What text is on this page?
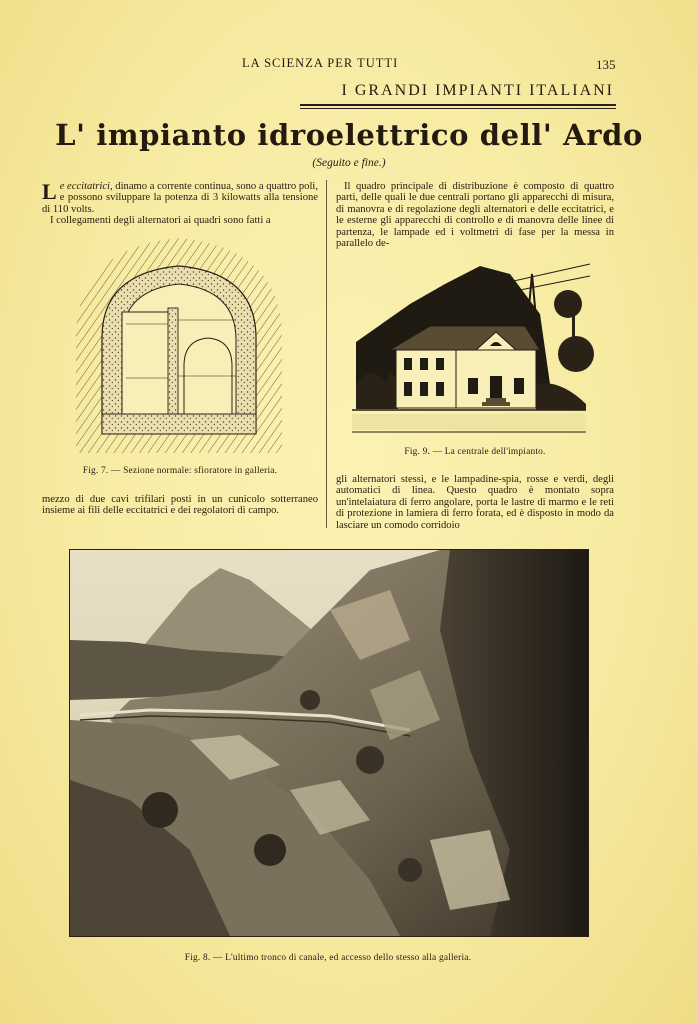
LA SCIENZA PER TUTTI	135
I GRANDI IMPIANTI ITALIANI
L' impianto idroelettrico dell' Ardo
(Seguito e fine.)

Le eccitatrici, dinamo a corrente continua, sono a quattro poli, e possono sviluppare la potenza di 3 kilowatts alla tensione di 110 volts.

I collegamenti degli alternatori ai quadri sono fatti a

Fig. 7. — Sezione normale: sfioratore in galleria.

mezzo di due cavi trifilari posti in un cunicolo sotterraneo insieme ai fili delle eccitatrici e dei regolatori di campo.

Il quadro principale di distribuzione è composto di quattro parti, delle quali le due centrali portano gli apparecchi di misura, di manovra e di regolazione degli alternatori e delle eccitatrici, e le esterne gli apparecchi di controllo e di manovra delle linee di partenza, le lampade ed i voltmetri di fase per la messa in parallelo de-

Fig. 9. — La centrale dell'impianto.

gli alternatori stessi, e le lampadine-spia, rosse e verdi, degli automatici di linea. Questo quadro è montato sopra un'intelaiatura di ferro angolare, porta le lastre di marmo e le reti di protezione in lamiera di ferro forata, ed è disposto in modo da lasciare un comodo corridoio

Fig. 8. — L'ultimo tronco di canale, ed accesso dello stesso alla galleria.
